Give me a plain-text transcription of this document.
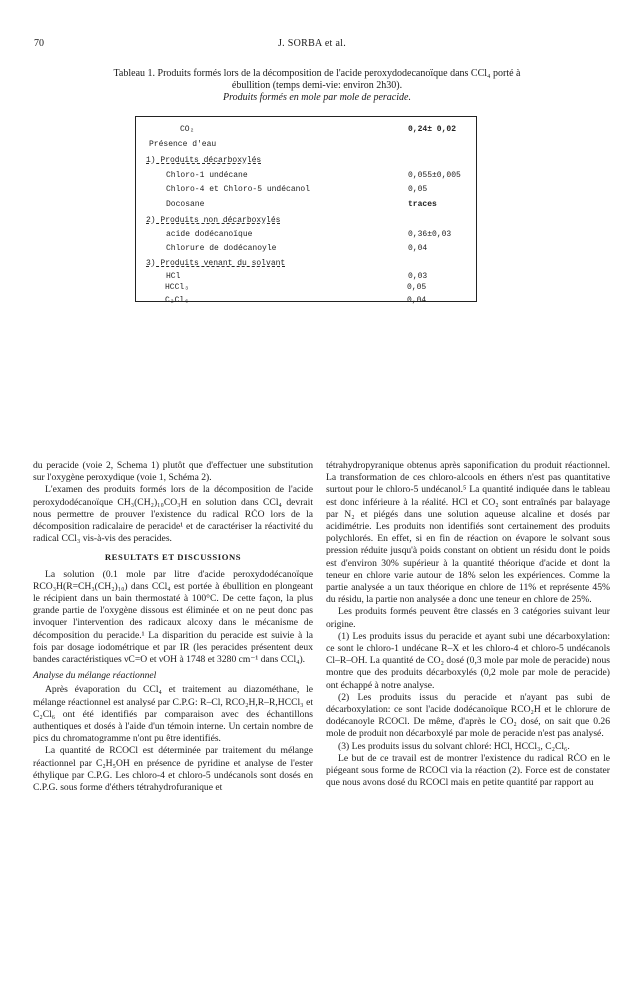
70	J. SORBA et al.
Tableau 1. Produits formés lors de la décomposition de l'acide peroxydodecanoïque dans CCl₄ porté à
ébullition (temps demi-vie: environ 2h30).
Produits formés en mole par mole de peracide.
CO₂	0,24± 0,02
Présence d'eau
1) Produits décarboxylés
Chloro-1 undécane	0,055±0,005
Chloro-4 et Chloro-5 undécanol	0,05
Docosane	traces
2) Produits non décarboxylés
acide dodécanoïque	0,36±0,03
Chlorure de dodécanoyle	0,04
3) Produits venant du solvant
HCl	0,03
HCCl₃	0,05
C₂Cl₆	0,04

du peracide (voie 2, Schema 1) plutôt que d'effectuer une substitution sur l'oxygène peroxydique (voie 1, Schéma 2).

L'examen des produits formés lors de la décomposition de l'acide peroxydodécanoïque CH₃(CH₂)₁₀CO₃H en solution dans CCl₄ devrait nous permettre de prouver l'existence du radical RĊO lors de la décomposition radicalaire de peracide¹ et de caractériser la réactivité du radical CCl₃ vis-à-vis des peracides.

RESULTATS ET DISCUSSIONS

La solution (0.1 mole par litre d'acide peroxydodécanoïque RCO₃H(R=CH₃(CH₂)₁₀) dans CCl₄ est portée à ébullition en plongeant le récipient dans un bain thermostaté à 100°C. De cette façon, la plus grande partie de l'oxygène dissous est éliminée et on ne peut donc pas invoquer l'intervention des radicaux alcoxy dans le mécanisme de décomposition du peracide.¹ La disparition du peracide est suivie à la fois par dosage iodométrique et par IR (les peracides présentent deux bandes caractéristiques νC=O et νOH à 1748 et 3280 cm⁻¹ dans CCl₄).

Analyse du mélange réactionnel

Après évaporation du CCl₄ et traitement au diazométhane, le mélange réactionnel est analysé par C.P.G: R–Cl, RCO₂H,R–R,HCCl₃ et C₂Cl₆ ont été identifiés par comparaison avec des échantillons authentiques et dosés à l'aide d'un témoin interne. Un certain nombre de pics du chromatogramme n'ont pu être identifiés.

La quantité de RCOCl est déterminée par traitement du mélange réactionnel par C₂H₅OH en présence de pyridine et analyse de l'ester éthylique par C.P.G. Les chloro-4 et chloro-5 undécanols sont dosés en C.P.G. sous forme d'éthers tétrahydrofuranique et

tétrahydropyranique obtenus après saponification du produit réactionnel. La transformation de ces chloro-alcools en éthers n'est pas quantitative surtout pour le chloro-5 undécanol.⁵ La quantité indiquée dans le tableau est donc inférieure à la réalité. HCl et CO₂ sont entraînés par balayage par N₂ et piégés dans une solution aqueuse alcaline et dosés par acidimétrie. Les produits non identifiés sont certainement des produits polychlorés. En effet, si en fin de réaction on évapore le solvant sous pression réduite jusqu'à poids constant on obtient un résidu dont le poids est d'environ 30% supérieur à la quantité théorique d'acide et dont la teneur en chlore varie autour de 18% selon les expériences. Comme la partie analysée a un taux théorique en chlore de 11% et représente 45% du résidu, la partie non analysée a donc une teneur en chlore de 25%.

Les produits formés peuvent être classés en 3 catégories suivant leur origine.

(1) Les produits issus du peracide et ayant subi une décarboxylation: ce sont le chloro-1 undécane R–X et les chloro-4 et chloro-5 undécanols Cl–R–OH. La quantité de CO₂ dosé (0,3 mole par mole de peracide) nous montre que des produits décarboxylés (0,2 mole par mole de peracide) ont échappé à notre analyse.

(2) Les produits issus du peracide et n'ayant pas subi de décarboxylation: ce sont l'acide dodécanoïque RCO₂H et le chlorure de dodécanoyle RCOCl. De même, d'après le CO₂ dosé, on sait que 0.26 mole de produit non décarboxylé par mole de peracide n'est pas analysé.

(3) Les produits issus du solvant chloré: HCl, HCCl₃, C₂Cl₆.

Le but de ce travail est de montrer l'existence du radical RĊO en le piégeant sous forme de RCOCl via la réaction (2). Force est de constater que nous avons dosé du RCOCl mais en petite quantité par rapport au
